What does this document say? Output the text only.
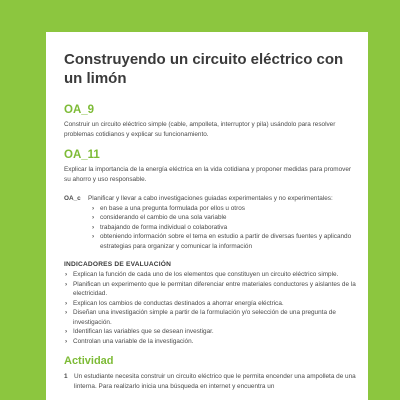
Construyendo un circuito eléctrico con un limón
OA_9

Construir un circuito eléctrico simple (cable, ampolleta, interruptor y pila) usándolo para resolver problemas cotidianos y explicar su funcionamiento.

OA_11

Explicar la importancia de la energía eléctrica en la vida cotidiana y proponer medidas para promover su ahorro y uso responsable.

OA_c	Planificar y llevar a cabo investigaciones guiadas experimentales y no experimentales:
› en base a una pregunta formulada por ellos u otros
› considerando el cambio de una sola variable
› trabajando de forma individual o colaborativa
› obteniendo información sobre el tema en estudio a partir de diversas fuentes y aplicando estrategias para organizar y comunicar la información
INDICADORES DE EVALUACIÓN
› Explican la función de cada uno de los elementos que constituyen un circuito eléctrico simple.
› Planifican un experimento que le permitan diferenciar entre materiales conductores y aislantes de la electricidad.
› Explican los cambios de conductas destinados a ahorrar energía eléctrica.
› Diseñan una investigación simple a partir de la formulación y/o selección de una pregunta de investigación.
› Identifican las variables que se desean investigar.
› Controlan una variable de la investigación.
Actividad
1	Un estudiante necesita construir un circuito eléctrico que le permita encender una ampolleta de una linterna. Para realizarlo inicia una búsqueda en internet y encuentra un
